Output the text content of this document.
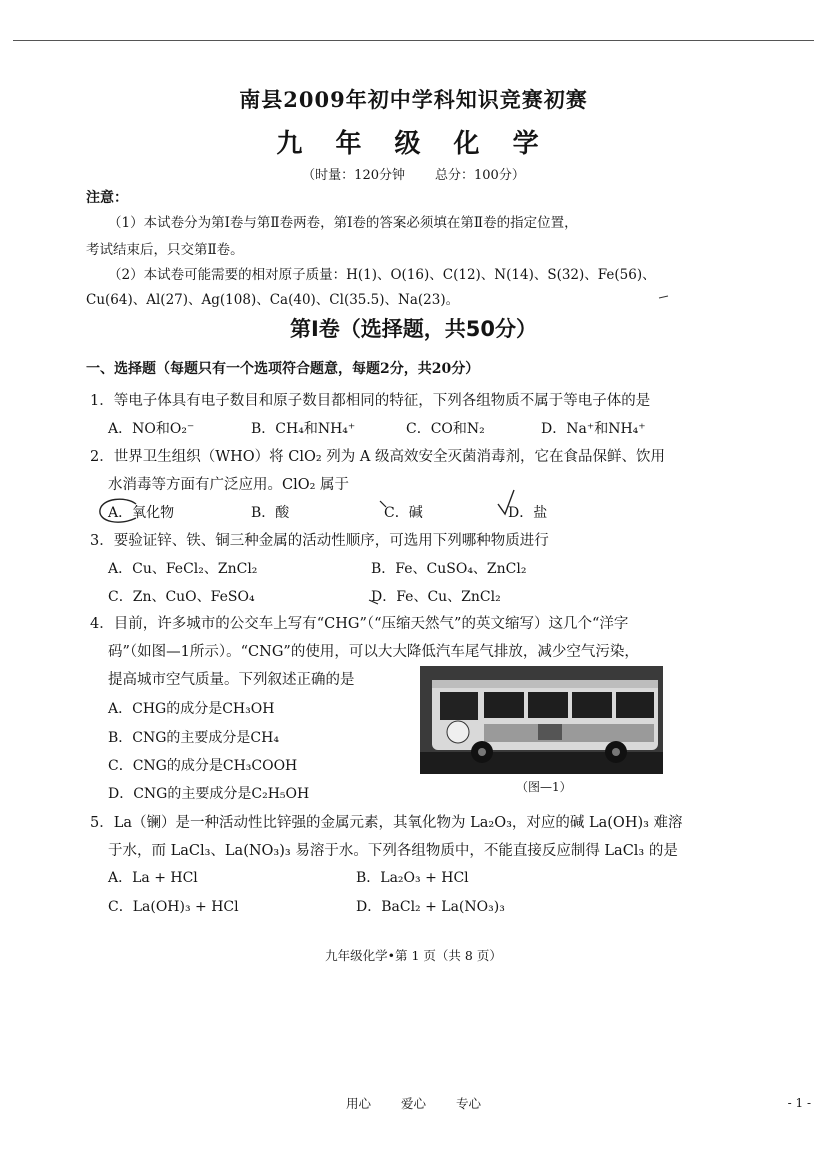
南县2009年初中学科知识竞赛初赛
九 年 级 化 学
（时量：120分钟 总分：100分）
注意：
（1）本试卷分为第Ⅰ卷与第Ⅱ卷两卷，第Ⅰ卷的答案必须填在第Ⅱ卷的指定位置，
考试结束后，只交第Ⅱ卷。
（2）本试卷可能需要的相对原子质量：H(1)、O(16)、C(12)、N(14)、S(32)、Fe(56)、
Cu(64)、Al(27)、Ag(108)、Ca(40)、Cl(35.5)、Na(23)。
第Ⅰ卷（选择题，共50分）
一、选择题（每题只有一个选项符合题意，每题2分，共20分）
1．等电子体具有电子数目和原子数目都相同的特征，下列各组物质不属于等电子体的是
A．NO和O₂⁻	B．CH₄和NH₄⁺	C．CO和N₂	D．Na⁺和NH₄⁺
2．世界卫生组织（WHO）将 ClO₂ 列为 A 级高效安全灭菌消毒剂，它在食品保鲜、饮用
水消毒等方面有广泛应用。ClO₂ 属于
A．氧化物	B．酸	C．碱	D．盐
3．要验证锌、铁、铜三种金属的活动性顺序，可选用下列哪种物质进行
A．Cu、FeCl₂、ZnCl₂	B．Fe、CuSO₄、ZnCl₂
C．Zn、CuO、FeSO₄	D．Fe、Cu、ZnCl₂
4．目前，许多城市的公交车上写有“CHG”（“压缩天然气”的英文缩写）这几个“洋字
码”（如图—1所示）。“CNG”的使用，可以大大降低汽车尾气排放，减少空气污染，
提高城市空气质量。下列叙述正确的是
A．CHG的成分是CH₃OH
B．CNG的主要成分是CH₄
C．CNG的成分是CH₃COOH
D．CNG的主要成分是C₂H₅OH	（图—1）
5．La（镧）是一种活动性比锌强的金属元素，其氧化物为 La₂O₃，对应的碱 La(OH)₃ 难溶
于水，而 LaCl₃、La(NO₃)₃ 易溶于水。下列各组物质中，不能直接反应制得 LaCl₃ 的是
A．La + HCl	B．La₂O₃ + HCl
C．La(OH)₃ + HCl	D．BaCl₂ + La(NO₃)₃
九年级化学•第 1 页（共 8 页）
用心 爱心 专心	- 1 -
